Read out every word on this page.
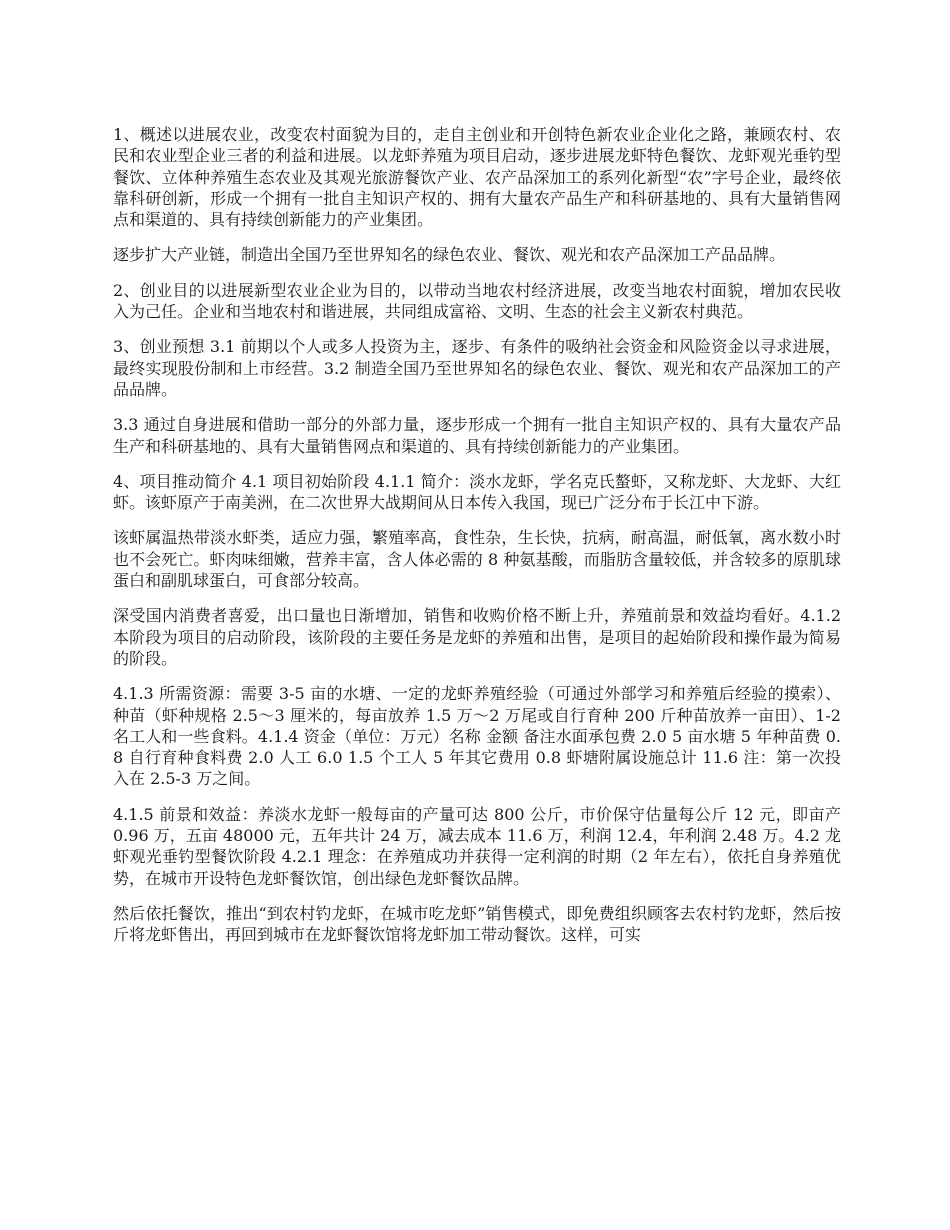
1、概述以进展农业，改变农村面貌为目的，走自主创业和开创特色新农业企业化之路，兼顾农村、农民和农业型企业三者的利益和进展。以龙虾养殖为项目启动，逐步进展龙虾特色餐饮、龙虾观光垂钓型餐饮、立体种养殖生态农业及其观光旅游餐饮产业、农产品深加工的系列化新型“农”字号企业，最终依靠科研创新，形成一个拥有一批自主知识产权的、拥有大量农产品生产和科研基地的、具有大量销售网点和渠道的、具有持续创新能力的产业集团。

逐步扩大产业链，制造出全国乃至世界知名的绿色农业、餐饮、观光和农产品深加工产品品牌。

2、创业目的以进展新型农业企业为目的，以带动当地农村经济进展，改变当地农村面貌，增加农民收入为己任。企业和当地农村和谐进展，共同组成富裕、文明、生态的社会主义新农村典范。

3、创业预想 3.1 前期以个人或多人投资为主，逐步、有条件的吸纳社会资金和风险资金以寻求进展，最终实现股份制和上市经营。3.2 制造全国乃至世界知名的绿色农业、餐饮、观光和农产品深加工的产品品牌。

3.3 通过自身进展和借助一部分的外部力量，逐步形成一个拥有一批自主知识产权的、具有大量农产品生产和科研基地的、具有大量销售网点和渠道的、具有持续创新能力的产业集团。

4、项目推动简介 4.1 项目初始阶段 4.1.1 简介：淡水龙虾，学名克氏螯虾，又称龙虾、大龙虾、大红虾。该虾原产于南美洲，在二次世界大战期间从日本传入我国，现已广泛分布于长江中下游。

该虾属温热带淡水虾类，适应力强，繁殖率高，食性杂，生长快，抗病，耐高温，耐低氧，离水数小时也不会死亡。虾肉味细嫩，营养丰富，含人体必需的 8 种氨基酸，而脂肪含量较低，并含较多的原肌球蛋白和副肌球蛋白，可食部分较高。

深受国内消费者喜爱，出口量也日渐增加，销售和收购价格不断上升，养殖前景和效益均看好。4.1.2 本阶段为项目的启动阶段，该阶段的主要任务是龙虾的养殖和出售，是项目的起始阶段和操作最为简易的阶段。

4.1.3 所需资源：需要 3-5 亩的水塘、一定的龙虾养殖经验（可通过外部学习和养殖后经验的摸索）、种苗（虾种规格 2.5～3 厘米的，每亩放养 1.5 万～2 万尾或自行育种 200 斤种苗放养一亩田）、1-2 名工人和一些食料。4.1.4 资金（单位：万元）名称 金额 备注水面承包费 2.0 5 亩水塘 5 年种苗费 0.8 自行育种食料费 2.0 人工 6.0 1.5 个工人 5 年其它费用 0.8 虾塘附属设施总计 11.6 注：第一次投入在 2.5-3 万之间。

4.1.5 前景和效益：养淡水龙虾一般每亩的产量可达 800 公斤，市价保守估量每公斤 12 元，即亩产 0.96 万，五亩 48000 元，五年共计 24 万，减去成本 11.6 万，利润 12.4，年利润 2.48 万。4.2 龙虾观光垂钓型餐饮阶段 4.2.1 理念：在养殖成功并获得一定利润的时期（2 年左右），依托自身养殖优势，在城市开设特色龙虾餐饮馆，创出绿色龙虾餐饮品牌。

然后依托餐饮，推出“到农村钓龙虾，在城市吃龙虾”销售模式，即免费组织顾客去农村钓龙虾，然后按斤将龙虾售出，再回到城市在龙虾餐饮馆将龙虾加工带动餐饮。这样，可实
